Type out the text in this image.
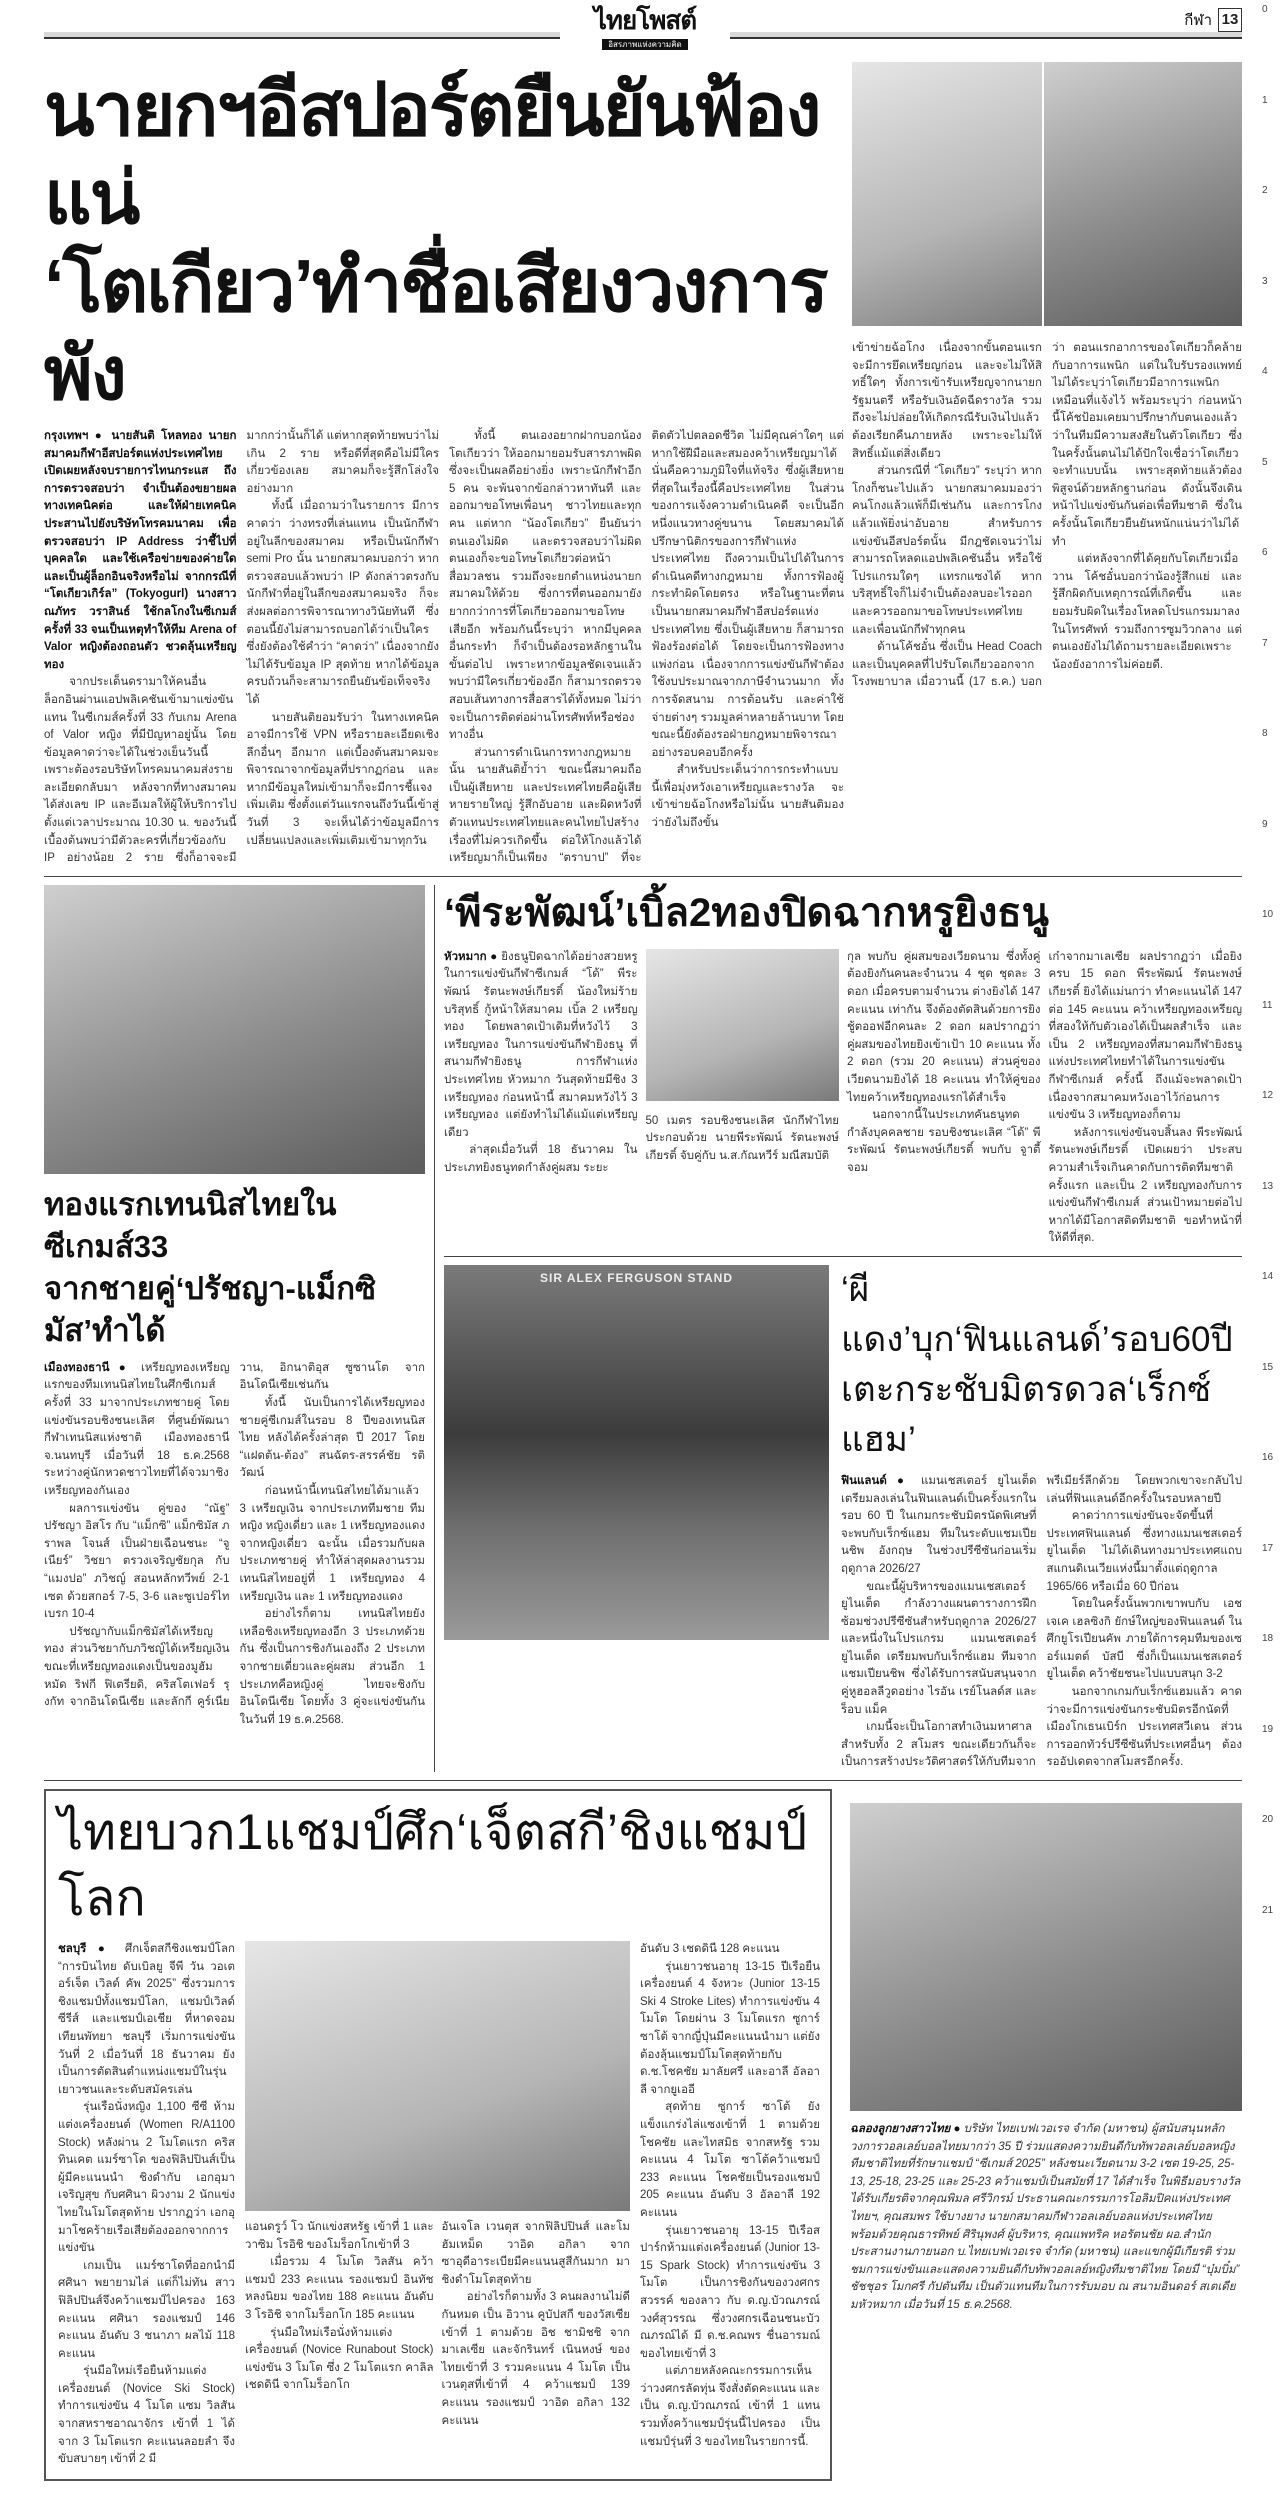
0
1
2
3
4
5
6
7
8
9
10
11
12
13
14
15
16
17
18
19
20
21
ไทยโพสต์
อิสรภาพแห่งความคิด
กีฬา 13
นายกฯอีสปอร์ตยืนยันฟ้องแน่
‘โตเกียว’ทำชื่อเสียงวงการพัง

กรุงเทพฯ ● นายสันติ โหลทอง นายกสมาคมกีฬาอีสปอร์ตแห่งประเทศไทย เปิดเผยหลังจบรายการไทนกระแส ถึงการตรวจสอบว่า จำเป็นต้องขยายผลทางเทคนิคต่อ และให้ฝ่ายเทคนิคประสานไปยังบริษัทโทรคมนาคม เพื่อตรวจสอบว่า IP Address ว่าชี้ไปที่บุคคลใด และใช้เครือข่ายของค่ายใด และเป็นผู้ล็อกอินจริงหรือไม่ จากกรณีที่ “โตเกียวเกิร์ล” (Tokyogurl) นางสาวณภัทร วราสินธ์ ใช้กลโกงในซีเกมส์ ครั้งที่ 33 จนเป็นเหตุทำให้ทีม Arena of Valor หญิงต้องถอนตัว ชวดลุ้นเหรียญทอง

จากประเด็นดรามาให้คนอื่นล็อกอินผ่านแอปพลิเคชันเข้ามาแข่งขันแทน ในซีเกมส์ครั้งที่ 33 กับเกม Arena of Valor หญิง ที่มีปัญหาอยู่นั้น โดยข้อมูลคาดว่าจะได้ในช่วงเย็นวันนี้ เพราะต้องรอบริษัทโทรคมนาคมส่งรายละเอียดกลับมา หลังจากที่ทางสมาคมได้ส่งเลข IP และอีเมลให้ผู้ให้บริการไปตั้งแต่เวลาประมาณ 10.30 น. ของวันนี้ เบื้องต้นพบว่ามีตัวละครที่เกี่ยวข้องกับ IP อย่างน้อย 2 ราย ซึ่งก็อาจจะมีมากกว่านั้นก็ได้ แต่หากสุดท้ายพบว่าไม่เกิน 2 ราย หรือดีที่สุดคือไม่มีใครเกี่ยวข้องเลย สมาคมก็จะรู้สึกโล่งใจอย่างมาก

ทั้งนี้ เมื่อถามว่าในรายการ มีการคาดว่า ว่างทรงที่เล่นแทน เป็นนักกีฬาอยู่ในลีกของสมาคม หรือเป็นนักกีฬา semi Pro นั้น นายกสมาคมบอกว่า หากตรวจสอบแล้วพบว่า IP ดังกล่าวตรงกับนักกีฬาที่อยู่ในลีกของสมาคมจริง ก็จะส่งผลต่อการพิจารณาทางวินัยทันที ซึ่งตอนนี้ยังไม่สามารถบอกได้ว่าเป็นใคร ซึ่งยังต้องใช้คำว่า “คาดว่า” เนื่องจากยังไม่ได้รับข้อมูล IP สุดท้าย หากได้ข้อมูลครบถ้วนก็จะสามารถยืนยันข้อเท็จจริงได้

นายสันติยอมรับว่า ในทางเทคนิคอาจมีการใช้ VPN หรือรายละเอียดเชิงลึกอื่นๆ อีกมาก แต่เบื้องต้นสมาคมจะพิจารณาจากข้อมูลที่ปรากฏก่อน และหากมีข้อมูลใหม่เข้ามาก็จะมีการชี้แจงเพิ่มเติม ซึ่งตั้งแต่วันแรกจนถึงวันนี้เข้าสู่วันที่ 3 จะเห็นได้ว่าข้อมูลมีการเปลี่ยนแปลงและเพิ่มเติมเข้ามาทุกวัน

ทั้งนี้ ตนเองอยากฝากบอกน้องโตเกียวว่า ให้ออกมายอมรับสารภาพผิด ซึ่งจะเป็นผลดีอย่างยิ่ง เพราะนักกีฬาอีก 5 คน จะพ้นจากข้อกล่าวหาทันที และออกมาขอโทษเพื่อนๆ ชาวไทยและทุกคน แต่หาก “น้องโตเกียว” ยืนยันว่าตนเองไม่ผิด และตรวจสอบว่าไม่ผิด ตนเองก็จะขอโทษโตเกียวต่อหน้าสื่อมวลชน รวมถึงจะยกตำแหน่งนายกสมาคมให้ด้วย ซึ่งการที่ตนออกมายังยากกว่าการที่โตเกียวออกมาขอโทษเสียอีก พร้อมกันนี้ระบุว่า หากมีบุคคลอื่นกระทำ ก็จำเป็นต้องรอหลักฐานในขั้นต่อไป เพราะหากข้อมูลชัดเจนแล้วพบว่ามีใครเกี่ยวข้องอีก ก็สามารถตรวจสอบเส้นทางการสื่อสารได้ทั้งหมด ไม่ว่าจะเป็นการติดต่อผ่านโทรศัพท์หรือช่องทางอื่น

ส่วนการดำเนินการทางกฎหมายนั้น นายสันติย้ำว่า ขณะนี้สมาคมถือเป็นผู้เสียหาย และประเทศไทยคือผู้เสียหายรายใหญ่ รู้สึกอับอาย และผิดหวังที่ตัวแทนประเทศไทยและคนไทยไปสร้างเรื่องที่ไม่ควรเกิดขึ้น ต่อให้โกงแล้วได้เหรียญมาก็เป็นเพียง “ตราบาป” ที่จะติดตัวไปตลอดชีวิต ไม่มีคุณค่าใดๆ แต่หากใช้ฝีมือและสมองคว้าเหรียญมาได้ นั่นคือความภูมิใจที่แท้จริง ซึ่งผู้เสียหายที่สุดในเรื่องนี้คือประเทศไทย ในส่วนของการแจ้งความดำเนินคดี จะเป็นอีกหนึ่งแนวทางคู่ขนาน โดยสมาคมได้ปรึกษานิติกรของการกีฬาแห่งประเทศไทย ถึงความเป็นไปได้ในการดำเนินคดีทางกฎหมาย ทั้งการฟ้องผู้กระทำผิดโดยตรง หรือในฐานะที่ตนเป็นนายกสมาคมกีฬาอีสปอร์ตแห่งประเทศไทย ซึ่งเป็นผู้เสียหาย ก็สามารถฟ้องร้องต่อได้ โดยจะเป็นการฟ้องทางแพ่งก่อน เนื่องจากการแข่งขันกีฬาต้องใช้งบประมาณจากภาษีจำนวนมาก ทั้งการจัดสนาม การต้อนรับ และค่าใช้จ่ายต่างๆ รวมมูลค่าหลายล้านบาท โดยขณะนี้ยังต้องรอฝ่ายกฎหมายพิจารณาอย่างรอบคอบอีกครั้ง

สำหรับประเด็นว่าการกระทำแบบนี้เพื่อมุ่งหวังเอาเหรียญและรางวัล จะเข้าข่ายฉ้อโกงหรือไม่นั้น นายสันติมองว่ายังไม่ถึงขั้น

เข้าข่ายฉ้อโกง เนื่องจากขั้นตอนแรกจะมีการยึดเหรียญก่อน และจะไม่ให้สิทธิ์ใดๆ ทั้งการเข้ารับเหรียญจากนายกรัฐมนตรี หรือรับเงินอัดฉีดรางวัล รวมถึงจะไม่ปล่อยให้เกิดกรณีรับเงินไปแล้วต้องเรียกคืนภายหลัง เพราะจะไม่ให้สิทธิ์แม้แต่สิ่งเดียว

ส่วนกรณีที่ “โตเกียว” ระบุว่า หากโกงก็ชนะไปแล้ว นายกสมาคมมองว่า คนโกงแล้วแพ้ก็มีเช่นกัน และการโกงแล้วแพ้ยิ่งน่าอับอาย สำหรับการแข่งขันอีสปอร์ตนั้น มีกฎชัดเจนว่าไม่สามารถโหลดแอปพลิเคชันอื่น หรือใช้โปรแกรมใดๆ แทรกแซงได้ หากบริสุทธิ์ใจก็ไม่จำเป็นต้องลบอะไรออก และควรออกมาขอโทษประเทศไทยและเพื่อนนักกีฬาทุกคน

ด้านโค้ชอั๋น ซึ่งเป็น Head Coach และเป็นบุคคลที่ไปรับโตเกียวออกจากโรงพยาบาล เมื่อวานนี้ (17 ธ.ค.) บอกว่า ตอนแรกอาการของโตเกียวก็คล้ายกับอาการแพนิก แต่ในใบรับรองแพทย์ ไม่ได้ระบุว่าโตเกียวมีอาการแพนิกเหมือนที่แจ้งไว้ พร้อมระบุว่า ก่อนหน้านี้โค้ชป้อมเคยมาปรึกษากับตนเองแล้วว่าในทีมมีความสงสัยในตัวโตเกียว ซึ่งในครั้งนั้นตนไม่ได้ปักใจเชื่อว่าโตเกียวจะทำแบบนั้น เพราะสุดท้ายแล้วต้องพิสูจน์ด้วยหลักฐานก่อน ดังนั้นจึงเดินหน้าไปแข่งขันกันต่อเพื่อทีมชาติ ซึ่งในครั้งนั้นโตเกียวยืนยันหนักแน่นว่าไม่ได้ทำ

แต่หลังจากที่ได้คุยกับโตเกียวเมื่อวาน โค้ชอั๋นบอกว่าน้องรู้สึกแย่ และรู้สึกผิดกับเหตุการณ์ที่เกิดขึ้น และยอมรับผิดในเรื่องโหลดโปรแกรมมาลงในโทรศัพท์ รวมถึงการซูมวิวกลาง แต่ตนเองยังไม่ได้ถามรายละเอียดเพราะน้องยังอาการไม่ค่อยดี.

ทองแรกเทนนิสไทยในซีเกมส์33
จากชายคู่‘ปรัชญา-แม็กซิมัส’ทำได้

เมืองทองธานี ● เหรียญทองเหรียญแรกของทีมเทนนิสไทยในศึกซีเกมส์ ครั้งที่ 33 มาจากประเภทชายคู่ โดยแข่งขันรอบชิงชนะเลิศ ที่ศูนย์พัฒนากีฬาเทนนิสแห่งชาติ เมืองทองธานี จ.นนทบุรี เมื่อวันที่ 18 ธ.ค.2568 ระหว่างคู่นักหวดชาวไทยที่ได้จวมาชิงเหรียญทองกันเอง

ผลการแข่งขัน คู่ของ “ณัฐ” ปรัชญา อิสโร กับ “แม็กซิ” แม็กซิมัส ภราพล โจนส์ เป็นฝ่ายเฉือนชนะ “จูเนียร์” วิชยา ตรวงเจริญชัยกุล กับ “แมงปอ” ภวิชญ์ สอนหลักทวีพย์ 2-1 เซต ด้วยสกอร์ 7-5, 3-6 และซูเปอร์ไทเบรก 10-4

ปรัชญากับแม็กซิมัสได้เหรียญทอง ส่วนวิชยากับภวิชญ์ได้เหรียญเงิน ขณะที่เหรียญทองแดงเป็นของมูฮัมหมัด ริฟกี ฟิเตรียดิ, คริสโตเฟอร์ รุงกัท จากอินโดนีเซีย และลักกี คูร์เนียวาน, อิกนาติอุส ซูซานโต จากอินโดนีเซียเช่นกัน

ทั้งนี้ นับเป็นการได้เหรียญทองชายคู่ซีเกมส์ในรอบ 8 ปีของเทนนิสไทย หลังได้ครั้งล่าสุด ปี 2017 โดย “แฝดต้น-ต้อง” สนฉัตร-สรรค์ชัย รติวัฒน์

ก่อนหน้านี้เทนนิสไทยได้มาแล้ว 3 เหรียญเงิน จากประเภททีมชาย ทีมหญิง หญิงเดี่ยว และ 1 เหรียญทองแดงจากหญิงเดี่ยว ฉะนั้น เมื่อรวมกับผลประเภทชายคู่ ทำให้ล่าสุดผลงานรวมเทนนิสไทยอยู่ที่ 1 เหรียญทอง 4 เหรียญเงิน และ 1 เหรียญทองแดง

อย่างไรก็ตาม เทนนิสไทยยังเหลือชิงเหรียญทองอีก 3 ประเภทด้วยกัน ซึ่งเป็นการชิงกันเองถึง 2 ประเภท จากชายเดี่ยวและคู่ผสม ส่วนอีก 1 ประเภทคือหญิงคู่ ไทยจะชิงกับอินโดนีเซีย โดยทั้ง 3 คู่จะแข่งขันกันในวันที่ 19 ธ.ค.2568.

‘พีระพัฒน์’เบิ้ล2ทองปิดฉากหรูยิงธนู

หัวหมาก ● ยิงธนูปิดฉากได้อย่างสวยหรู ในการแข่งขันกีฬาซีเกมส์ “โด้” พีระพัฒน์ รัตนะพงษ์เกียรติ์ น้องใหม่ร้ายบริสุทธิ์ กู้หน้าให้สมาคม เบิ้ล 2 เหรียญทอง โดยพลาดเป้าเดิมที่หวังไว้ 3 เหรียญทอง ในการแข่งขันกีฬายิงธนู ที่สนามกีฬายิงธนู การกีฬาแห่งประเทศไทย หัวหมาก วันสุดท้ายมีชิง 3 เหรียญทอง ก่อนหน้านี้ สมาคมหวังไว้ 3 เหรียญทอง แต่ยังทำไม่ได้แม้แต่เหรียญเดียว

ล่าสุดเมื่อวันที่ 18 ธันวาคม ในประเภทยิงธนูทดกำลังคู่ผสม ระยะ

50 เมตร รอบชิงชนะเลิศ นักกีฬาไทยประกอบด้วย นายพีระพัฒน์ รัตนะพงษ์เกียรติ์ จับคู่กับ น.ส.กัณหวีร์ มณีสมบัติ

กุล พบกับ คู่ผสมของเวียดนาม ซึ่งทั้งคู่ต้องยิงกันคนละจำนวน 4 ชุด ชุดละ 3 ดอก เมื่อครบตามจำนวน ต่างยิงได้ 147 คะแนน เท่ากัน จึงต้องตัดสินด้วยการยิงชู้ตออฟอีกคนละ 2 ดอก ผลปรากฏว่าคู่ผสมของไทยยิงเข้าเป้า 10 คะแนน ทั้ง 2 ดอก (รวม 20 คะแนน) ส่วนคู่ของเวียดนามยิงได้ 18 คะแนน ทำให้คู่ของไทยคว้าเหรียญทองแรกได้สำเร็จ

นอกจากนี้ในประเภทคันธนูทดกำลังบุคคลชาย รอบชิงชนะเลิศ “โด้” พีระพัฒน์ รัตนะพงษ์เกียรติ์ พบกับ จูาตี้ จอม

เก๋าจากมาเลเซีย ผลปรากฏว่า เมื่อยิงครบ 15 ดอก พีระพัฒน์ รัตนะพงษ์เกียรติ์ ยิงได้แม่นกว่า ทำคะแนนได้ 147 ต่อ 145 คะแนน คว้าเหรียญทองเหรียญที่สองให้กับตัวเองได้เป็นผลสำเร็จ และเป็น 2 เหรียญทองที่สมาคมกีฬายิงธนูแห่งประเทศไทยทำได้ในการแข่งขันกีฬาซีเกมส์ ครั้งนี้ ถึงแม้จะพลาดเป้าเนื่องจากสมาคมหวังเอาไว้ก่อนการแข่งขัน 3 เหรียญทองก็ตาม

หลังการแข่งขันจบสิ้นลง พีระพัฒน์ รัตนะพงษ์เกียรติ์ เปิดเผยว่า ประสบความสำเร็จเกินคาดกับการติดทีมชาติครั้งแรก และเป็น 2 เหรียญทองกับการแข่งขันกีฬาซีเกมส์ ส่วนเป้าหมายต่อไปหากได้มีโอกาสติดทีมชาติ ขอทำหน้าที่ให้ดีที่สุด.

SIR ALEX FERGUSON STAND	‘ผีแดง’บุก‘ฟินแลนด์’รอบ60ปี
เตะกระชับมิตรดวล‘เร็กซ์แฮม’

ฟินแลนด์ ● แมนเชสเตอร์ ยูไนเต็ด เตรียมลงเล่นในฟินแลนด์เป็นครั้งแรกในรอบ 60 ปี ในเกมกระชับมิตรนัดพิเศษที่จะพบกับเร็กซ์แฮม ทีมในระดับแชมเปียนชิพ อังกฤษ ในช่วงปรีซีซันก่อนเริ่มฤดูกาล 2026/27

ขณะนี้ผู้บริหารของแมนเชสเตอร์ ยูไนเต็ด กำลังวางแผนตารางการฝึกซ้อมช่วงปรีซีซันสำหรับฤดูกาล 2026/27 และหนึ่งในโปรแกรม แมนเชสเตอร์ ยูไนเต็ด เตรียมพบกับเร็กซ์แฮม ทีมจากแชมเปียนชิพ ซึ่งได้รับการสนับสนุนจากคู่หูฮอลลีวูดอย่าง ไรอัน เรย์โนลด์ส และร็อบ แม็ค

เกมนี้จะเป็นโอกาสทำเงินมหาศาลสำหรับทั้ง 2 สโมสร ขณะเดียวกันก็จะเป็นการสร้างประวัติศาสตร์ให้กับทีมจากพรีเมียร์ลีกด้วย โดยพวกเขาจะกลับไปเล่นที่ฟินแลนด์อีกครั้งในรอบหลายปี

คาดว่าการแข่งขันจะจัดขึ้นที่ประเทศฟินแลนด์ ซึ่งทางแมนเชสเตอร์ ยูไนเต็ด ไม่ได้เดินทางมาประเทศแถบสแกนดิเนเวียแห่งนี้มาตั้งแต่ฤดูกาล 1965/66 หรือเมื่อ 60 ปีก่อน

โดยในครั้งนั้นพวกเขาพบกับ เอชเจเค เฮลซิงกิ ยักษ์ใหญ่ของฟินแลนด์ ในศึกยูโรเปียนคัพ ภายใต้การคุมทีมของเซอร์แมตต์ บัสบี ซึ่งก็เป็นแมนเชสเตอร์ ยูไนเต็ด คว้าชัยชนะไปแบบสนุก 3-2

นอกจากเกมกับเร็กซ์แฮมแล้ว คาดว่าจะมีการแข่งขันกระชับมิตรอีกนัดที่เมืองโกเธนเบิร์ก ประเทศสวีเดน ส่วนการออกทัวร์ปรีซีซันที่ประเทศอื่นๆ ต้องรออัปเดตจากสโมสรอีกครั้ง.

ไทยบวก1แชมป์ศึก‘เจ็ตสกี’ชิงแชมป์โลก

ชลบุรี ● ศึกเจ็ตสกีชิงแชมป์โลก “การบินไทย ดับเบิลยู จีพี วัน วอเตอร์เจ็ต เวิลด์ คัพ 2025” ซึ่งรวมการชิงแชมป์ทั้งแชมป์โลก, แชมป์เวิลด์ ซีรีส์ และแชมป์เอเชีย ที่หาดจอมเทียนพัทยา ชลบุรี เริ่มการแข่งขันวันที่ 2 เมื่อวันที่ 18 ธันวาคม ยังเป็นการตัดสินตำแหน่งแชมป์ในรุ่นเยาวชนและระดับสมัครเล่น

รุ่นเรือนั่งหญิง 1,100 ซีซี ห้ามแต่งเครื่องยนต์ (Women R/A1100 Stock) หลังผ่าน 2 โมโตแรก คริสทินเคต แมร์ซาโด ของฟิลิปปินส์เป็นผู้มีคะแนนนำ ชิงดำกับ เอกอุมา เจริญสุข กับศศินา ผิวงาม 2 นักแข่งไทยในโมโตสุดท้าย ปรากฏว่า เอกอุมาโชคร้ายเรือเสียต้องออกจากการแข่งขัน

เกมเป็น แมร์ซาโดที่ออกนำมี ศศินา พยายามไล่ แต่ก็ไม่ทัน สาวฟิลิปปินส์จึงคว้าแชมป์ไปครอง 163 คะแนน ศศินา รองแชมป์ 146 คะแนน อันดับ 3 ชนาภา ผลไม้ 118 คะแนน

รุ่นมือใหม่เรือยืนห้ามแต่งเครื่องยนต์ (Novice Ski Stock) ทำการแข่งขัน 4 โมโต แซม วิลสัน จากสหราชอาณาจักร เข้าที่ 1 ได้จาก 3 โมโตแรก คะแนนลอยลำ จึงขับสบายๆ เข้าที่ 2 มี

แอนดรูว์ โว นักแข่งสหรัฐ เข้าที่ 1 และวาซิม โรอิชิ ของโมร็อกโกเข้าที่ 3

เมื่อรวม 4 โมโต วิลสัน คว้าแชมป์ 233 คะแนน รองแชมป์ อินทัช หลงนิยม ของไทย 188 คะแนน อันดับ 3 โรอิชิ จากโมร็อกโก 185 คะแนน

รุ่นมือใหม่เรือนั่งห้ามแต่งเครื่องยนต์ (Novice Runabout Stock) แข่งขัน 3 โมโต ซึ่ง 2 โมโตแรก คาลิล เชดดินี จากโมร็อกโก

อันเจโล เวนตุส จากฟิลิปปินส์ และโมฮัมเหม็ด วาอิด อกิลา จากซาอุดีอาระเบียมีคะแนนสูสีกันมาก มาชิงดำโมโตสุดท้าย

อย่างไรก็ตามทั้ง 3 คนผลงานไม่ดีกันหมด เป็น อิวาน คูบัปสกี ของวัสเซียเข้าที่ 1 ตามด้วย อิช ชามิชชิ จากมาเลเซีย และจักรินทร์ เนินหงษ์ ของไทยเข้าที่ 3 รวมคะแนน 4 โมโต เป็น เวนตุสที่เข้าที่ 4 คว้าแชมป์ 139 คะแนน รองแชมป์ วาอิด อกิลา 132 คะแนน

อันดับ 3 เชดดินี 128 คะแนน

รุ่นเยาวชนอายุ 13-15 ปีเรือยืนเครื่องยนต์ 4 จังหวะ (Junior 13-15 Ski 4 Stroke Lites) ทำการแข่งขัน 4 โมโต โดยผ่าน 3 โมโตแรก ซูการ์ ซาโต้ จากญี่ปุ่นมีคะแนนนำมา แต่ยังต้องลุ้นแชมป์โมโตสุดท้ายกับ ด.ช.โชคชัย มาลัยศรี และอาลี อัลอาลี จากยูเออี

สุดท้าย ซูการ์ ซาโต้ ยังแข็งแกร่งไล่แซงเข้าที่ 1 ตามด้วย โชคชัย และไทสมิธ จากสหรัฐ รวมคะแนน 4 โมโต ซาโต้คว้าแชมป์ 233 คะแนน โชคชัยเป็นรองแชมป์ 205 คะแนน อันดับ 3 อัลอาลี 192 คะแนน

รุ่นเยาวชนอายุ 13-15 ปีเรือสปาร์กห้ามแต่งเครื่องยนต์ (Junior 13-15 Spark Stock) ทำการแข่งขัน 3 โมโต เป็นการชิงกันของวงศกร สวรรค์ ของลาว กับ ด.ญ.บัวณภรณ์ วงศ์สุวรรณ ซึ่งวงศกรเฉือนชนะบัวณภรณ์ได้ มี ด.ช.คณพร ชื่นอารมณ์ ของไทยเข้าที่ 3

แต่ภายหลังคณะกรรมการเห็นว่าวงศกรลัดทุ่น จึงสั่งตัดคะแนน และเป็น ด.ญ.บัวณภรณ์ เข้าที่ 1 แทน รวมทั้งคว้าแชมป์รุ่นนี้ไปครอง เป็นแชมป์รุ่นที่ 3 ของไทยในรายการนี้.

ฉลองลูกยางสาวไทย ● บริษัท ไทยเบฟเวอเรจ จำกัด (มหาชน) ผู้สนับสนุนหลักวงการวอลเลย์บอลไทยมากว่า 35 ปี ร่วมแสดงความยินดีกับทัพวอลเลย์บอลหญิงทีมชาติไทยที่รักษาแชมป์ “ซีเกมส์ 2025” หลังชนะเวียดนาม 3-2 เซต 19-25, 25-13, 25-18, 23-25 และ 25-23 คว้าแชมป์เป็นสมัยที่ 17 ได้สำเร็จ ในพิธีมอบรางวัลได้รับเกียรติจากคุณพิมล ศรีวิกรม์ ประธานคณะกรรมการโอลิมปิคแห่งประเทศไทยฯ, คุณสมพร ใช้บางยาง นายกสมาคมกีฬาวอลเลย์บอลแห่งประเทศไทย พร้อมด้วยคุณธารทิพย์ ศิรินุพงศ์ ผู้บริหาร, คุณแพทริค หอรัตนชัย ผอ.สำนักประสานงานภายนอก บ.ไทยเบฟเวอเรจ จำกัด (มหาชน) และแขกผู้มีเกียรติ ร่วมชมการแข่งขันและแสดงความยินดีกับทัพวอลเลย์หญิงทีมชาติไทย โดยมี “บุ๋มบิ๋ม” ชัชชุอร โมกศรี กัปตันทีม เป็นตัวแทนทีมในการรับมอบ ณ สนามอินดอร์ สเตเดียมหัวหมาก เมื่อวันที่ 15 ธ.ค.2568.
